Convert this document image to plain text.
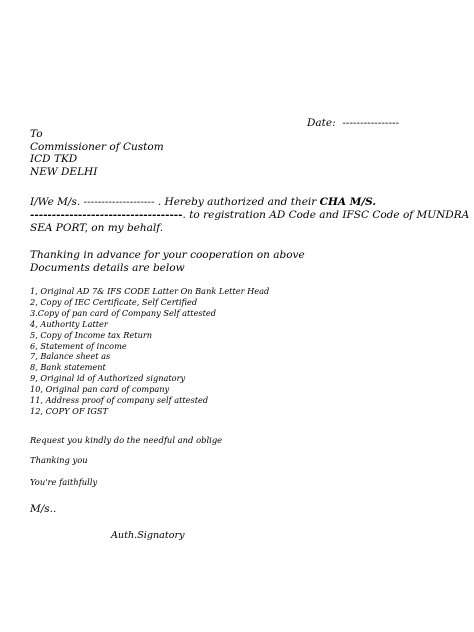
Date: ----------------
To
Commissioner of Custom
ICD TKD
NEW DELHI
I/We M/s. -------------------- . Hereby authorized and their CHA M/S.
-----------------------------------. to registration AD Code and IFSC Code of MUNDRA
SEA PORT, on my behalf.
Thanking in advance for your cooperation on above
Documents details are below
1, Original AD 7& IFS CODE Latter On Bank Letter Head
2, Copy of IEC Certificate, Self Certified
3.Copy of pan card of Company Self attested
4, Authority Latter
5, Copy of Income tax Return
6, Statement of income
7, Balance sheet as
8, Bank statement
9, Original id of Authorized signatory
10, Original pan card of company
11, Address proof of company self attested
12, COPY OF IGST
Request you kindly do the needful and oblige
Thanking you
You're faithfully
M/s..
Auth.Signatory
